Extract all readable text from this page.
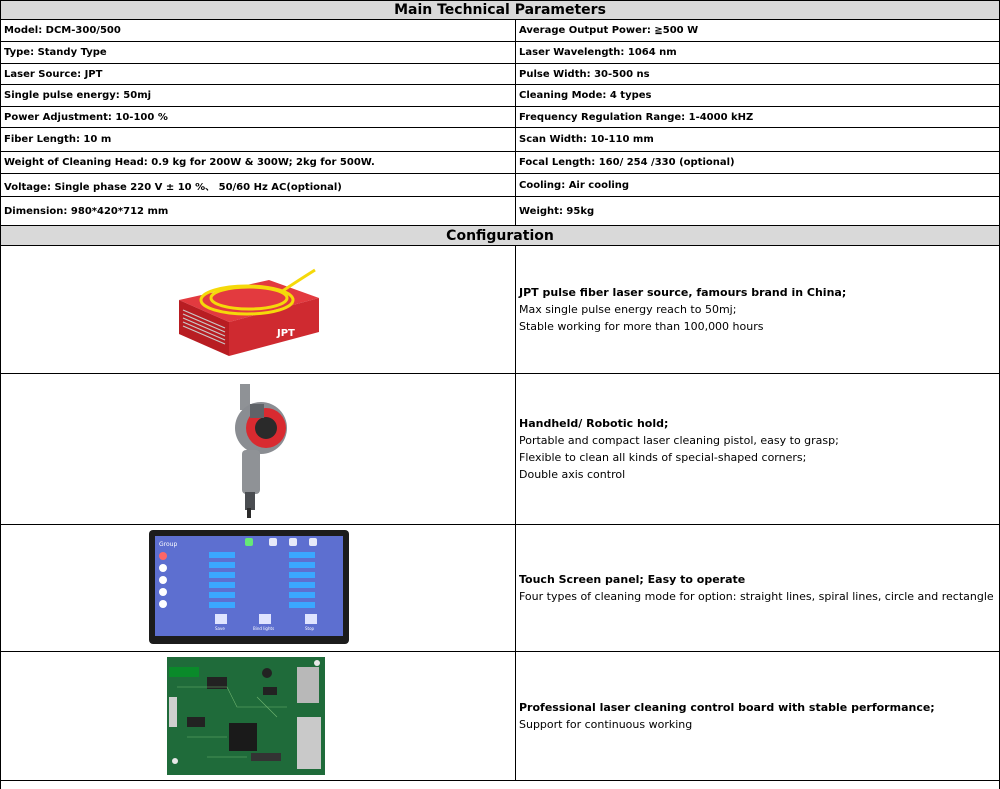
Main Technical Parameters
Model: DCM-300/500	Average Output Power: ≧500 W
Type: Standy Type	Laser Wavelength: 1064 nm
Laser Source: JPT	Pulse Width: 30-500 ns
Single pulse energy: 50mj	Cleaning Mode: 4 types
Power Adjustment: 10-100 %	Frequency Regulation Range: 1-4000 kHZ
Fiber Length: 10 m	Scan Width: 10-110 mm
Weight of Cleaning Head: 0.9 kg for 200W & 300W; 2kg for 500W.	Focal Length: 160/ 254 /330 (optional)
Voltage: Single phase 220 V ± 10 %、 50/60 Hz AC(optional)	Cooling: Air cooling
Dimension: 980*420*712 mm	Weight: 95kg
Configuration
JPT
JPT pulse fiber laser source, famours brand in China;
Max single pulse energy reach to 50mj;
Stable working for more than 100,000 hours
Handheld/ Robotic hold;
Portable and compact laser cleaning pistol, easy to grasp;
Flexible to clean all kinds of special-shaped corners;
Double axis control
Group
Save	Bind lights	Stop
Touch Screen panel; Easy to operate
Four types of cleaning mode for option: straight lines, spiral lines, circle and rectangle
Professional laser cleaning control board with stable performance;
Support for continuous working
